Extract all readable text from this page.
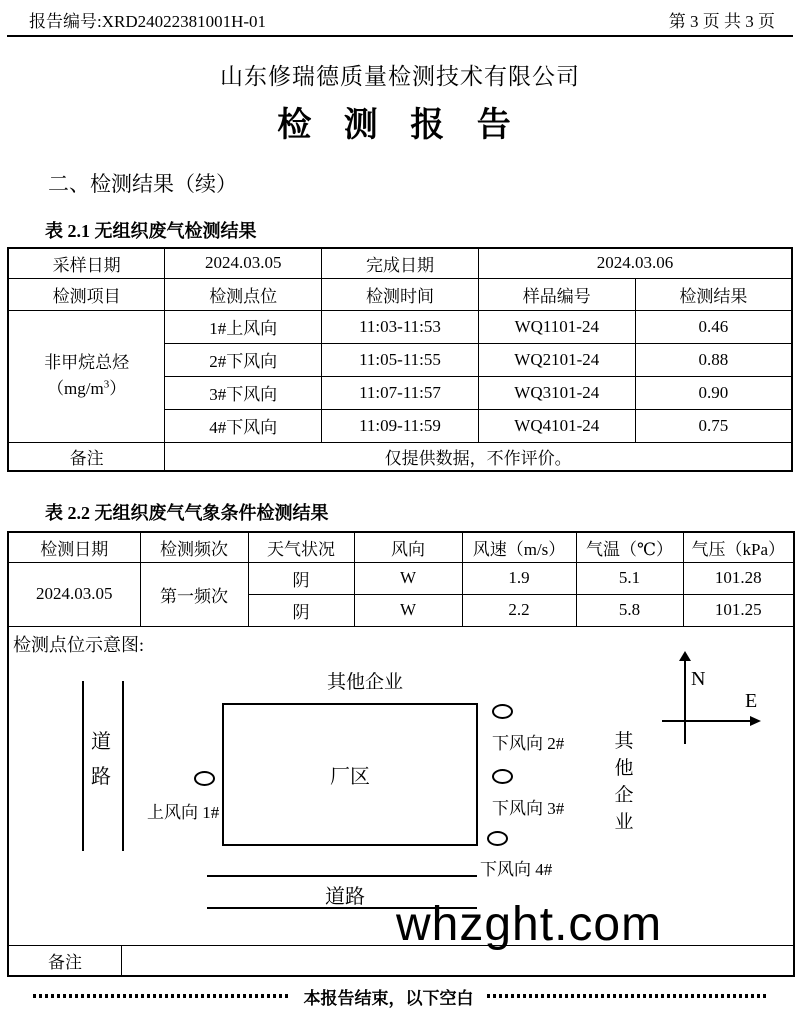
报告编号:XRD24022381001H-01	第 3 页 共 3 页
山东修瑞德质量检测技术有限公司
检 测 报 告
二、检测结果（续）
表 2.1 无组织废气检测结果
采样日期	2024.03.05	完成日期	2024.03.06	
检测项目	检测点位	检测时间	样品编号	检测结果

非甲烷总烃
$(mg/m^3)$	1#上风向	11:03-11:53	WQ1101-24	0.46
	2#下风向	11:05-11:55	WQ2101-24	0.88
	3#下风向	11:07-11:57	WQ3101-24	0.90
	4#下风向	11:09-11:59	WQ4101-24	0.75
备注	仅提供数据，不作评价。			
表 2.2 无组织废气气象条件检测结果
检测日期	检测频次	天气状况	风向	风速（m/s）	气温（℃）	气压（kPa）
2024.03.05	第一频次	阴	W	1.9	5.1	101.28
		阴	W	2.2	5.8	101.25

检测点位示意图:
其他企业
道路	厂区
上风向 1#
下风向 2#
下风向 3#
下风向 4#
其他企业
N
E
道路

备注						
whzght.com
本报告结束，以下空白
